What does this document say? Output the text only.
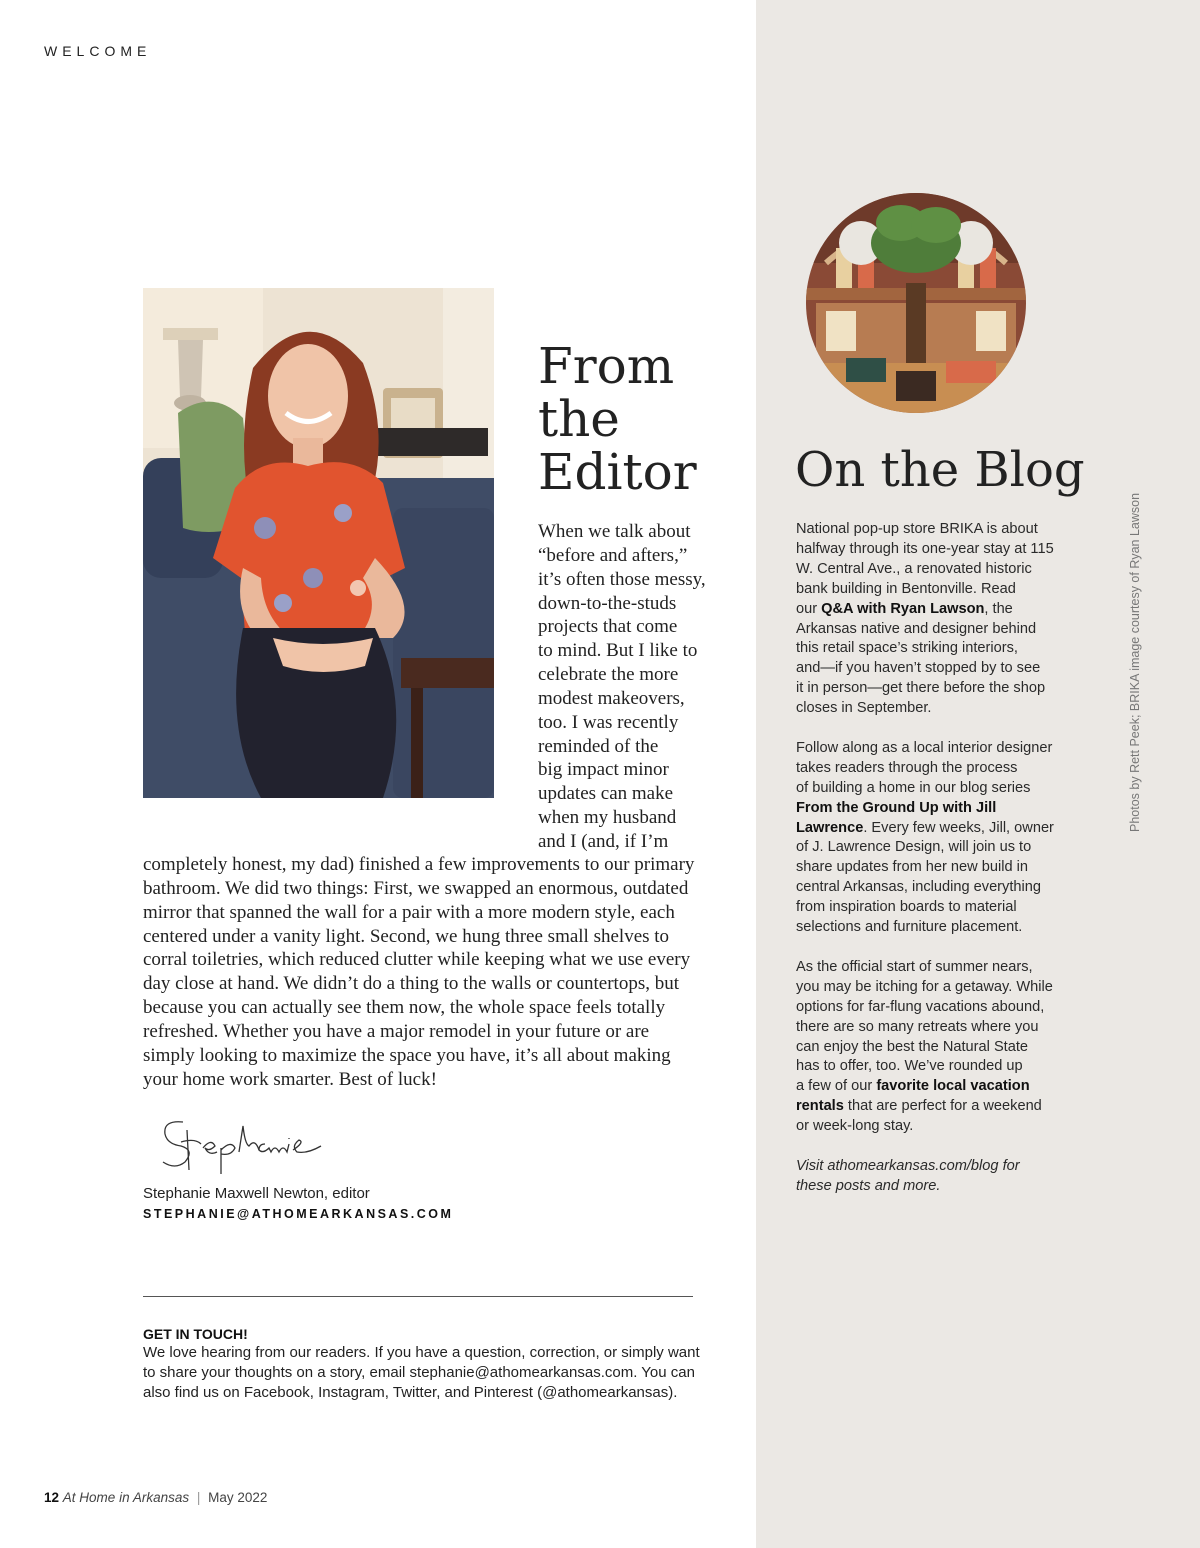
WELCOME
From
the
Editor
When we talk about
“before and afters,”
it’s often those messy,
down-to-the-studs
projects that come
to mind. But I like to
celebrate the more
modest makeovers,
too. I was recently
reminded of the
big impact minor
updates can make
when my husband
and I (and, if I’m
completely honest, my dad) finished a few improvements to our primary
bathroom. We did two things: First, we swapped an enormous, outdated
mirror that spanned the wall for a pair with a more modern style, each
centered under a vanity light. Second, we hung three small shelves to
corral toiletries, which reduced clutter while keeping what we use every
day close at hand. We didn’t do a thing to the walls or countertops, but
because you can actually see them now, the whole space feels totally
refreshed. Whether you have a major remodel in your future or are
simply looking to maximize the space you have, it’s all about making
your home work smarter. Best of luck!
Stephanie Maxwell Newton, editor
STEPHANIE@ATHOMEARKANSAS.COM
GET IN TOUCH!
We love hearing from our readers. If you have a question, correction, or simply want
to share your thoughts on a story, email stephanie@athomearkansas.com. You can
also find us on Facebook, Instagram, Twitter, and Pinterest (@athomearkansas).
12 At Home in Arkansas | May 2022
On the Blog
National pop-up store BRIKA is about
halfway through its one-year stay at 115
W. Central Ave., a renovated historic
bank building in Bentonville. Read
our Q&A with Ryan Lawson, the
Arkansas native and designer behind
this retail space’s striking interiors,
and—if you haven’t stopped by to see
it in person—get there before the shop
closes in September.
Follow along as a local interior designer
takes readers through the process
of building a home in our blog series
From the Ground Up with Jill
Lawrence. Every few weeks, Jill, owner
of J. Lawrence Design, will join us to
share updates from her new build in
central Arkansas, including everything
from inspiration boards to material
selections and furniture placement.
As the official start of summer nears,
you may be itching for a getaway. While
options for far-flung vacations abound,
there are so many retreats where you
can enjoy the best the Natural State
has to offer, too. We’ve rounded up
a few of our favorite local vacation
rentals that are perfect for a weekend
or week-long stay.
Visit athomearkansas.com/blog for
these posts and more.
Photos by Rett Peek; BRIKA image courtesy of Ryan Lawson
